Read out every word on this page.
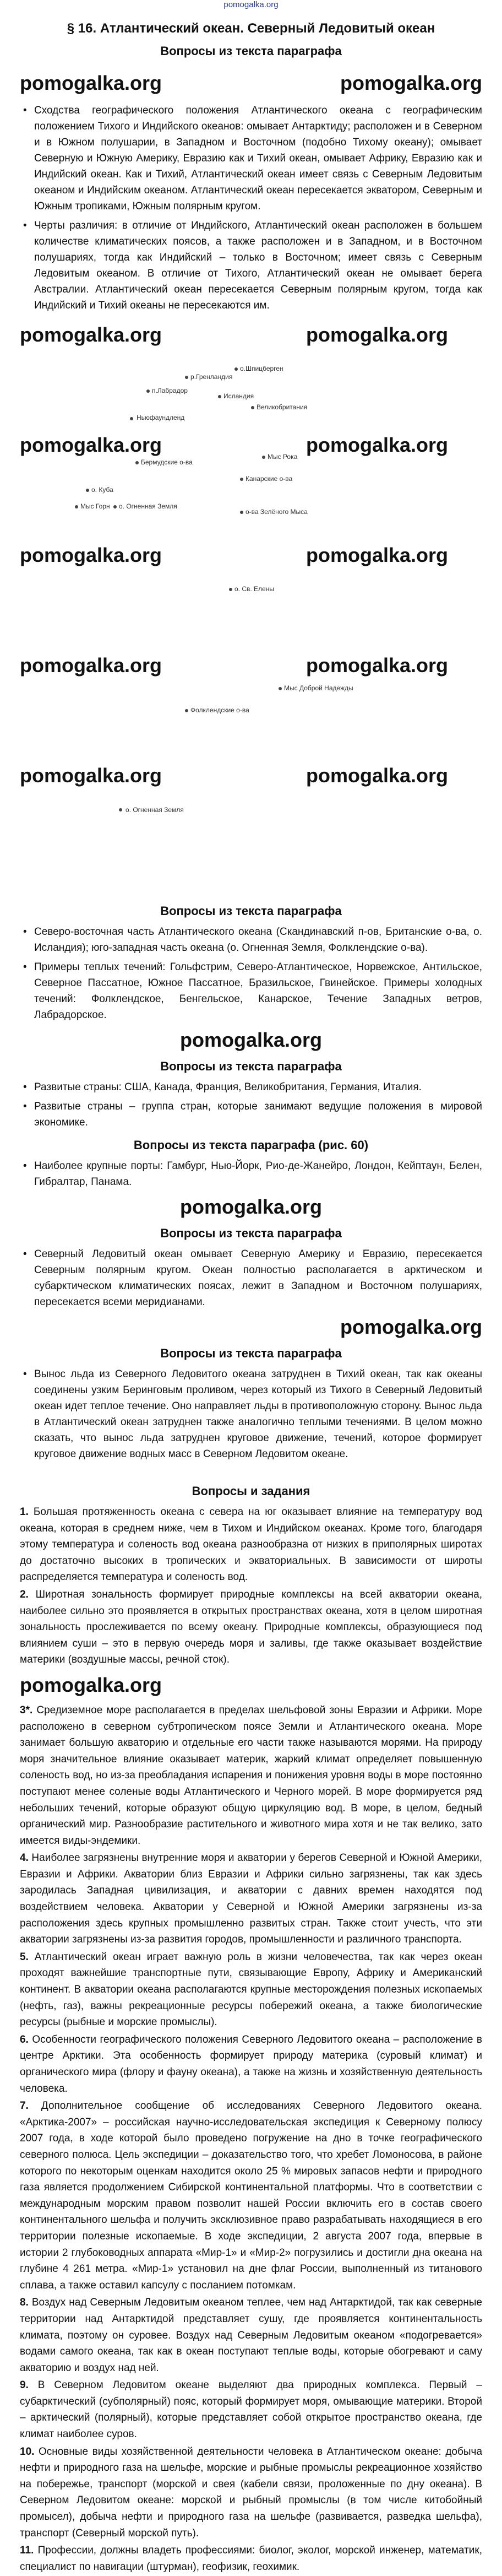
pomogalka.org
§ 16. Атлантический океан. Северный Ледовитый океан
Вопросы из текста параграфа
pomogalka.org	pomogalka.org
• Сходства географического положения Атлантического океана с географическим положением Тихого и Индийского океанов: омывает Антарктиду; расположен и в Северном и в Южном полушарии, в Западном и Восточном (подобно Тихому океану); омывает Северную и Южную Америку, Евразию как и Тихий океан, омывает Африку, Евразию как и Индийский океан. Как и Тихий, Атлантический океан имеет связь с Северным Ледовитым океаном и Индийским океаном. Атлантический океан пересекается экватором, Северным и Южным тропиками, Южным полярным кругом.
• Черты различия: в отличие от Индийского, Атлантический океан расположен в большем количестве климатических поясов, а также расположен и в Западном, и в Восточном полушариях, тогда как Индийский – только в Восточном; имеет связь с Северным Ледовитым океаном. В отличие от Тихого, Атлантический океан не омывает берега Австралии. Атлантический океан пересекается Северным полярным кругом, тогда как Индийский и Тихий океаны не пересекаются им.
pomogalka.org	pomogalka.org
pomogalka.org	pomogalka.org
pomogalka.org	pomogalka.org
pomogalka.org	pomogalka.org
pomogalka.org	pomogalka.org
р.Гренландия
о.Шпицберген
Исландия
Ньюфаундленд
Великобритания
п.Лабрадор
Бермудские о-ва
Канарские о-ва
о. Куба
Мыс Горн о. Огненная Земля
Мыс Рока
о-ва Зелёного Мыса
о. Св. Елены
Фолклендские о-ва
Мыс Доброй Надежды
о. Огненная Земля
Вопросы из текста параграфа
• Северо-восточная часть Атлантического океана (Скандинавский п-ов, Британские о-ва, о. Исландия); юго-западная часть океана (о. Огненная Земля, Фолклендские о-ва).
• Примеры теплых течений: Гольфстрим, Северо-Атлантическое, Норвежское, Антильское, Северное Пассатное, Южное Пассатное, Бразильское, Гвинейское. Примеры холодных течений: Фолклендское, Бенгельское, Канарское, Течение Западных ветров, Лабрадорское.
pomogalka.org
Вопросы из текста параграфа
• Развитые страны: США, Канада, Франция, Великобритания, Германия, Италия.
• Развитые страны – группа стран, которые занимают ведущие положения в мировой экономике.
Вопросы из текста параграфа (рис. 60)
• Наиболее крупные порты: Гамбург, Нью-Йорк, Рио-де-Жанейро, Лондон, Кейптаун, Белен, Гибралтар, Панама.
pomogalka.org
Вопросы из текста параграфа
• Северный Ледовитый океан омывает Северную Америку и Евразию, пересекается Северным полярным кругом. Океан полностью располагается в арктическом и субарктическом климатических поясах, лежит в Западном и Восточном полушариях, пересекается всеми меридианами.
pomogalka.org
Вопросы из текста параграфа
• Вынос льда из Северного Ледовитого океана затруднен в Тихий океан, так как океаны соединены узким Беринговым проливом, через который из Тихого в Северный Ледовитый океан идет теплое течение. Оно направляет льды в противоположную сторону. Вынос льда в Атлантический океан затруднен также аналогично теплыми течениями. В целом можно сказать, что вынос льда затруднен круговое движение, течений, которое формирует круговое движение водных масс в Северном Ледовитом океане.
Вопросы и задания

1. Большая протяженность океана с севера на юг оказывает влияние на температуру вод океана, которая в среднем ниже, чем в Тихом и Индийском океанах. Кроме того, благодаря этому температура и соленость вод океана разнообразна от низких в приполярных широтах до достаточно высоких в тропических и экваториальных. В зависимости от широты распределяется температура и соленость вод.

2. Широтная зональность формирует природные комплексы на всей акватории океана, наиболее сильно это проявляется в открытых пространствах океана, хотя в целом широтная зональность прослеживается по всему океану. Природные комплексы, образующиеся под влиянием суши – это в первую очередь моря и заливы, где также оказывает воздействие материки (воздушные массы, речной сток).

pomogalka.org

3*. Средиземное море располагается в пределах шельфовой зоны Евразии и Африки. Море расположено в северном субтропическом поясе Земли и Атлантического океана. Море занимает большую акваторию и отдельные его части также называются морями. На природу моря значительное влияние оказывает материк, жаркий климат определяет повышенную соленость вод, но из-за преобладания испарения и понижения уровня воды в море постоянно поступают менее соленые воды Атлантического и Черного морей. В море формируется ряд небольших течений, которые образуют общую циркуляцию вод. В море, в целом, бедный органический мир. Разнообразие растительного и животного мира хотя и не так велико, зато имеется виды-эндемики.

4. Наиболее загрязнены внутренние моря и акватории у берегов Северной и Южной Америки, Евразии и Африки. Акватории близ Евразии и Африки сильно загрязнены, так как здесь зародилась Западная цивилизация, и акватории с давних времен находятся под воздействием человека. Акватории у Северной и Южной Америки загрязнены из-за расположения здесь крупных промышленно развитых стран. Также стоит учесть, что эти акватории загрязнены из-за развития городов, промышленности и различного транспорта.

5. Атлантический океан играет важную роль в жизни человечества, так как через океан проходят важнейшие транспортные пути, связывающие Европу, Африку и Американский континент. В акватории океана располагаются крупные месторождения полезных ископаемых (нефть, газ), важны рекреационные ресурсы побережий океана, а также биологические ресурсы (рыбные и морские промыслы).

6. Особенности географического положения Северного Ледовитого океана – расположение в центре Арктики. Эта особенность формирует природу материка (суровый климат) и органического мира (флору и фауну океана), а также на жизнь и хозяйственную деятельность человека.

7. Дополнительное сообщение об исследованиях Северного Ледовитого океана. «Арктика-2007» – российская научно-исследовательская экспедиция к Северному полюсу 2007 года, в ходе которой было проведено погружение на дно в точке географического северного полюса. Цель экспедиции – доказательство того, что хребет Ломоносова, в районе которого по некоторым оценкам находится около 25 % мировых запасов нефти и природного газа является продолжением Сибирской континентальной платформы. Что в соответствии с международным морским правом позволит нашей России включить его в состав своего континентального шельфа и получить эксклюзивное право разрабатывать находящиеся в его территории полезные ископаемые. В ходе экспедиции, 2 августа 2007 года, впервые в истории 2 глубоководных аппарата «Мир-1» и «Мир-2» погрузились и достигли дна океана на глубине 4 261 метра. «Мир-1» установил на дне флаг России, выполненный из титанового сплава, а также оставил капсулу с посланием потомкам.

8. Воздух над Северным Ледовитым океаном теплее, чем над Антарктидой, так как северные территории над Антарктидой представляет сушу, где проявляется континентальность климата, поэтому он суровее. Воздух над Северным Ледовитым океаном «подогревается» водами самого океана, так как в океан поступают теплые воды, которые обогревают и саму акваторию и воздух над ней.

9. В Северном Ледовитом океане выделяют два природных комплекса. Первый – субарктический (субполярный) пояс, который формирует моря, омывающие материки. Второй – арктический (полярный), которые представляет собой открытое пространство океана, где климат наиболее суров.

10. Основные виды хозяйственной деятельности человека в Атлантическом океане: добыча нефти и природного газа на шельфе, морские и рыбные промыслы рекреационное хозяйство на побережье, транспорт (морской и свея (кабели связи, проложенные по дну океана). В Северном Ледовитом океане: морской и рыбный промыслы (в том числе китобойный промысел), добыча нефти и природного газа на шельфе (развивается, разведка шельфа), транспорт (Северный морской путь).

11. Профессии, должны владеть профессиями: биолог, эколог, морской инженер, математик, специалист по навигации (штурман), геофизик, геохимик.
